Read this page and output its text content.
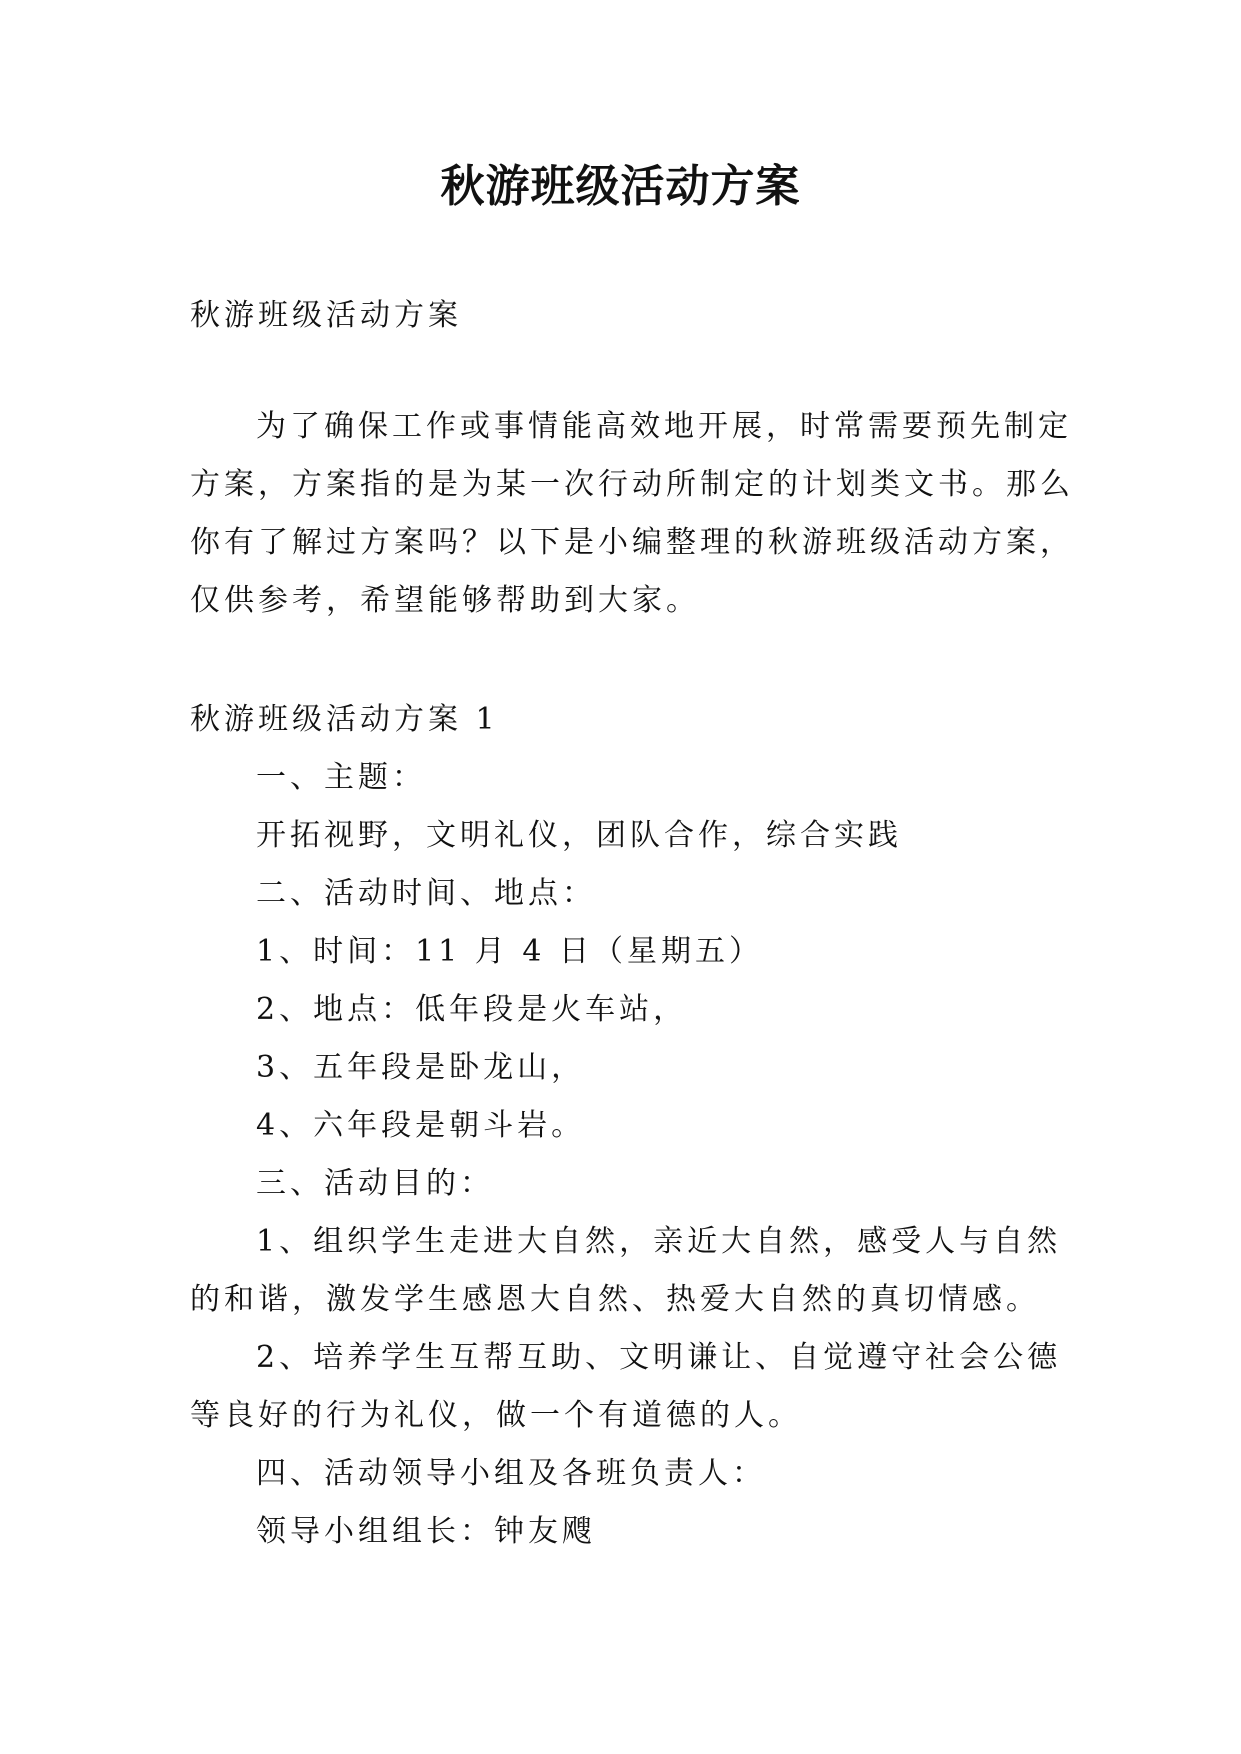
秋游班级活动方案
秋游班级活动方案
为了确保工作或事情能高效地开展，时常需要预先制定
方案，方案指的是为某一次行动所制定的计划类文书。那么
你有了解过方案吗？以下是小编整理的秋游班级活动方案，
仅供参考，希望能够帮助到大家。
秋游班级活动方案 1
一、主题：
开拓视野，文明礼仪，团队合作，综合实践
二、活动时间、地点：
1、时间：11 月 4 日（星期五）
2、地点：低年段是火车站，
3、五年段是卧龙山，
4、六年段是朝斗岩。
三、活动目的：
1、组织学生走进大自然，亲近大自然，感受人与自然
的和谐，激发学生感恩大自然、热爱大自然的真切情感。
2、培养学生互帮互助、文明谦让、自觉遵守社会公德
等良好的行为礼仪，做一个有道德的人。
四、活动领导小组及各班负责人：
领导小组组长：钟友飕
